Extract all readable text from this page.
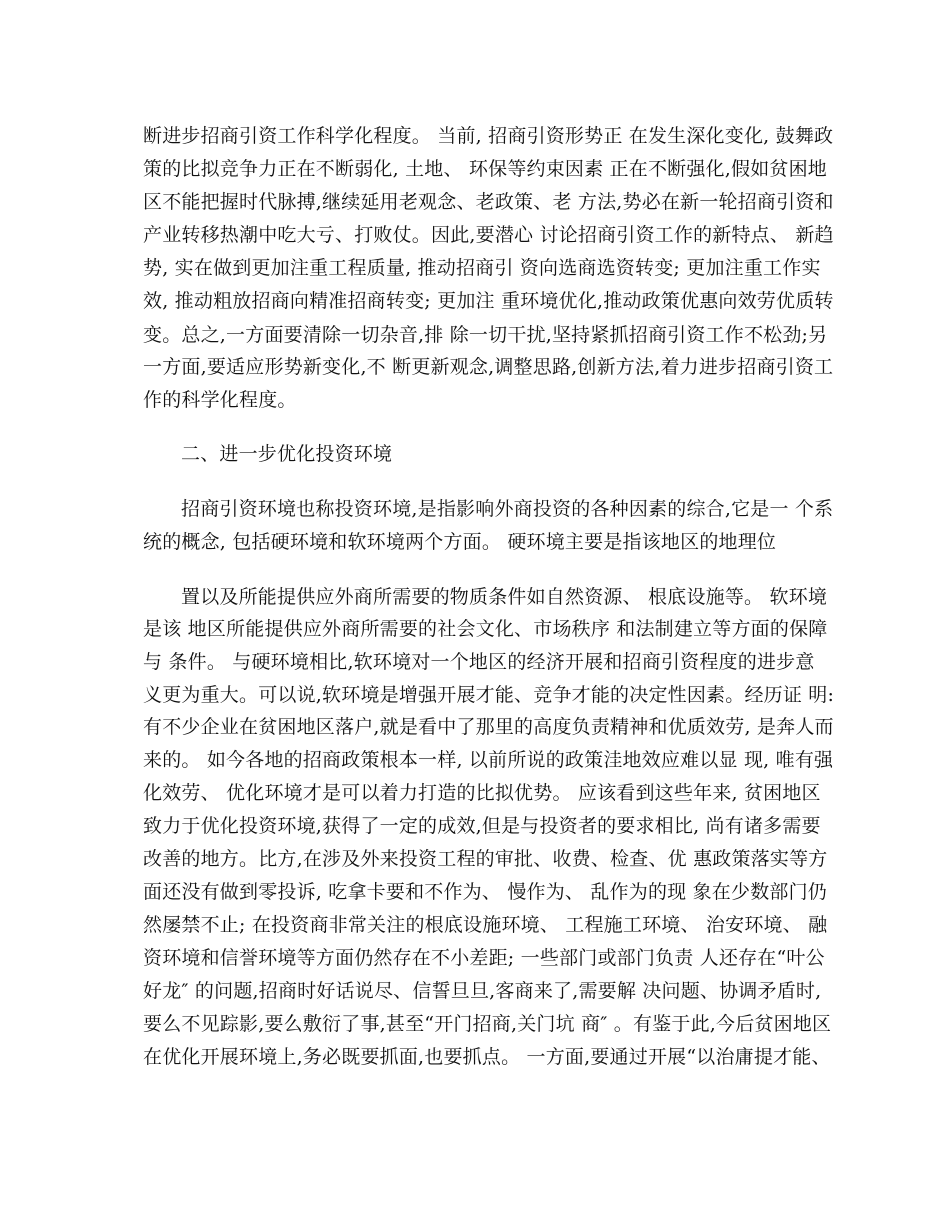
断进步招商引资工作科学化程度。 当前, 招商引资形势正 在发生深化变化, 鼓舞政
策的比拟竞争力正在不断弱化, 土地、 环保等约束因素 正在不断强化,假如贫困地
区不能把握时代脉搏,继续延用老观念、老政策、老 方法,势必在新一轮招商引资和
产业转移热潮中吃大亏、打败仗。因此,要潜心 讨论招商引资工作的新特点、 新趋
势, 实在做到更加注重工程质量, 推动招商引 资向选商选资转变; 更加注重工作实
效, 推动粗放招商向精准招商转变; 更加注 重环境优化,推动政策优惠向效劳优质转
变。总之,一方面要清除一切杂音,排 除一切干扰,坚持紧抓招商引资工作不松劲;另
一方面,要适应形势新变化,不 断更新观念,调整思路,创新方法,着力进步招商引资工
作的科学化程度。
二、进一步优化投资环境
招商引资环境也称投资环境,是指影响外商投资的各种因素的综合,它是一 个系
统的概念, 包括硬环境和软环境两个方面。 硬环境主要是指该地区的地理位
置以及所能提供应外商所需要的物质条件如自然资源、 根底设施等。 软环境
是该 地区所能提供应外商所需要的社会文化、市场秩序 和法制建立等方面的保障
与 条件。 与硬环境相比,软环境对一个地区的经济开展和招商引资程度的进步意
义更为重大。可以说,软环境是增强开展才能、竞争才能的决定性因素。经历证 明:
有不少企业在贫困地区落户,就是看中了那里的高度负责精神和优质效劳, 是奔人而
来的。 如今各地的招商政策根本一样, 以前所说的政策洼地效应难以显 现, 唯有强
化效劳、 优化环境才是可以着力打造的比拟优势。 应该看到这些年来, 贫困地区
致力于优化投资环境,获得了一定的成效,但是与投资者的要求相比, 尚有诸多需要
改善的地方。比方,在涉及外来投资工程的审批、收费、检查、优 惠政策落实等方
面还没有做到零投诉, 吃拿卡要和不作为、 慢作为、 乱作为的现 象在少数部门仍
然屡禁不止; 在投资商非常关注的根底设施环境、 工程施工环境、 治安环境、 融
资环境和信誉环境等方面仍然存在不小差距; 一些部门或部门负责 人还存在“叶公
好龙″ 的问题,招商时好话说尽、信誓旦旦,客商来了,需要解 决问题、协调矛盾时,
要么不见踪影,要么敷衍了事,甚至“开门招商,关门坑 商″ 。有鉴于此,今后贫困地区
在优化开展环境上,务必既要抓面,也要抓点。 一方面,要通过开展“以治庸提才能、
